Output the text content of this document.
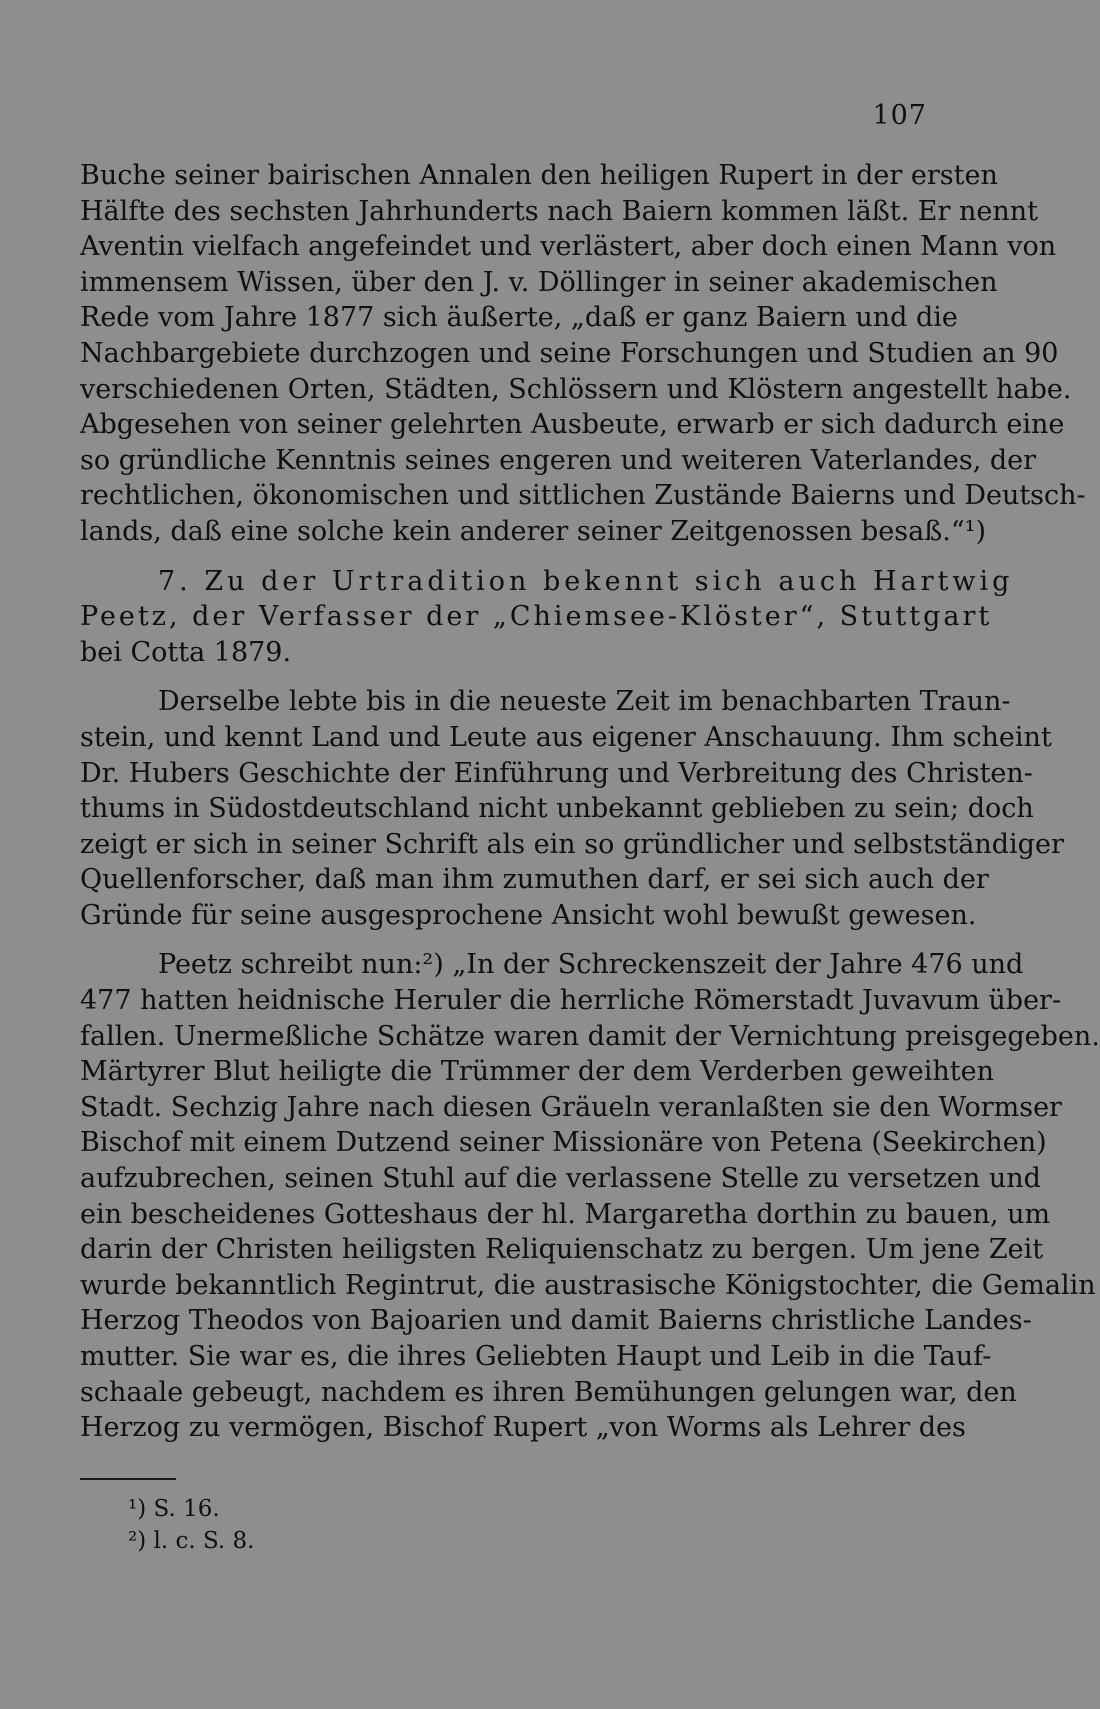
107
Buche seiner bairischen Annalen den heiligen Rupert in der ersten
Hälfte des sechsten Jahrhunderts nach Baiern kommen läßt. Er nennt
Aventin vielfach angefeindet und verlästert, aber doch einen Mann von
immensem Wissen, über den J. v. Döllinger in seiner akademischen
Rede vom Jahre 1877 sich äußerte, „daß er ganz Baiern und die
Nachbargebiete durchzogen und seine Forschungen und Studien an 90
verschiedenen Orten, Städten, Schlössern und Klöstern angestellt habe.
Abgesehen von seiner gelehrten Ausbeute, erwarb er sich dadurch eine
so gründliche Kenntnis seines engeren und weiteren Vaterlandes, der
rechtlichen, ökonomischen und sittlichen Zustände Baierns und Deutsch-
lands, daß eine solche kein anderer seiner Zeitgenossen besaß.“¹)
7. Zu der Urtradition bekennt sich auch Hartwig
Peetz, der Verfasser der „Chiemsee-Klöster“, Stuttgart
bei Cotta 1879.
Derselbe lebte bis in die neueste Zeit im benachbarten Traun-
stein, und kennt Land und Leute aus eigener Anschauung. Ihm scheint
Dr. Hubers Geschichte der Einführung und Verbreitung des Christen-
thums in Südostdeutschland nicht unbekannt geblieben zu sein; doch
zeigt er sich in seiner Schrift als ein so gründlicher und selbstständiger
Quellenforscher, daß man ihm zumuthen darf, er sei sich auch der
Gründe für seine ausgesprochene Ansicht wohl bewußt gewesen.
Peetz schreibt nun:²) „In der Schreckenszeit der Jahre 476 und
477 hatten heidnische Heruler die herrliche Römerstadt Juvavum über-
fallen. Unermeßliche Schätze waren damit der Vernichtung preisgegeben.
Märtyrer Blut heiligte die Trümmer der dem Verderben geweihten
Stadt. Sechzig Jahre nach diesen Gräueln veranlaßten sie den Wormser
Bischof mit einem Dutzend seiner Missionäre von Petena (Seekirchen)
aufzubrechen, seinen Stuhl auf die verlassene Stelle zu versetzen und
ein bescheidenes Gotteshaus der hl. Margaretha dorthin zu bauen, um
darin der Christen heiligsten Reliquienschatz zu bergen. Um jene Zeit
wurde bekanntlich Regintrut, die austrasische Königstochter, die Gemalin
Herzog Theodos von Bajoarien und damit Baierns christliche Landes-
mutter. Sie war es, die ihres Geliebten Haupt und Leib in die Tauf-
schaale gebeugt, nachdem es ihren Bemühungen gelungen war, den
Herzog zu vermögen, Bischof Rupert „von Worms als Lehrer des
¹) S. 16.
²) l. c. S. 8.
